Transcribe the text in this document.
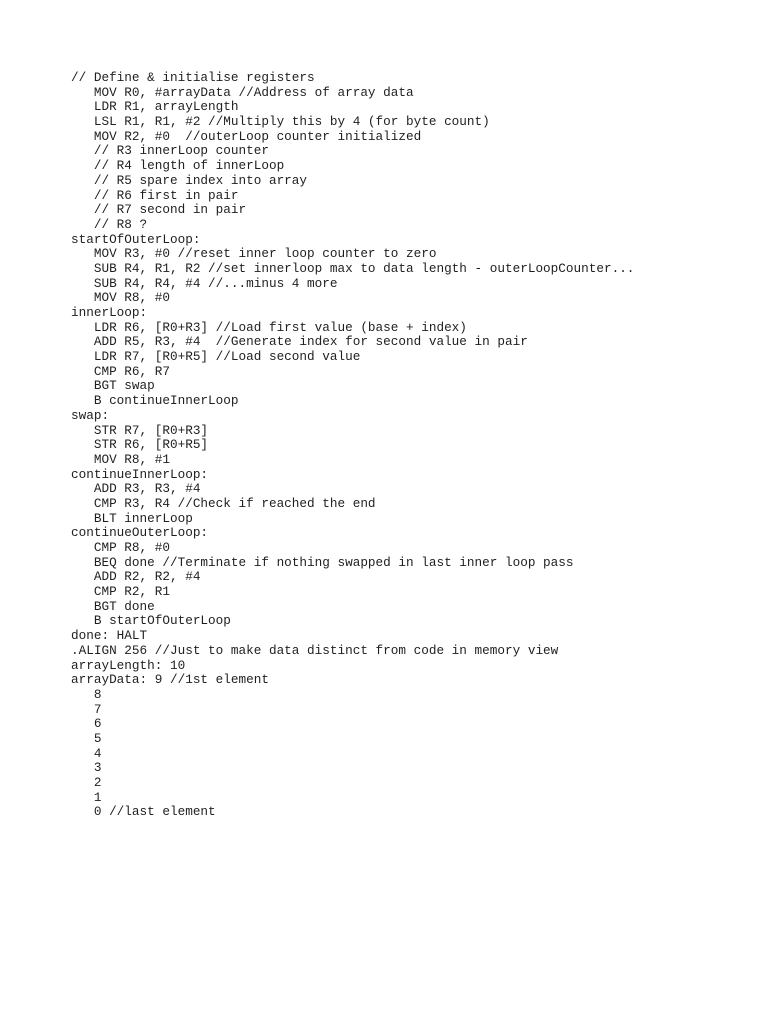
// Define & initialise registers
MOV R0, #arrayData //Address of array data
LDR R1, arrayLength
LSL R1, R1, #2 //Multiply this by 4 (for byte count)
MOV R2, #0  //outerLoop counter initialized
// R3 innerLoop counter
// R4 length of innerLoop
// R5 spare index into array
// R6 first in pair
// R7 second in pair
// R8 ?
startOfOuterLoop:
MOV R3, #0 //reset inner loop counter to zero
SUB R4, R1, R2 //set innerloop max to data length - outerLoopCounter...
SUB R4, R4, #4 //...minus 4 more
MOV R8, #0
innerLoop:
LDR R6, [R0+R3] //Load first value (base + index)
ADD R5, R3, #4  //Generate index for second value in pair
LDR R7, [R0+R5] //Load second value
CMP R6, R7
BGT swap
B continueInnerLoop
swap:
STR R7, [R0+R3]
STR R6, [R0+R5]
MOV R8, #1
continueInnerLoop:
ADD R3, R3, #4
CMP R3, R4 //Check if reached the end
BLT innerLoop
continueOuterLoop:
CMP R8, #0
BEQ done //Terminate if nothing swapped in last inner loop pass
ADD R2, R2, #4
CMP R2, R1
BGT done
B startOfOuterLoop
done: HALT
.ALIGN 256 //Just to make data distinct from code in memory view
arrayLength: 10
arrayData: 9 //1st element
8
7
6
5
4
3
2
1
0 //last element
